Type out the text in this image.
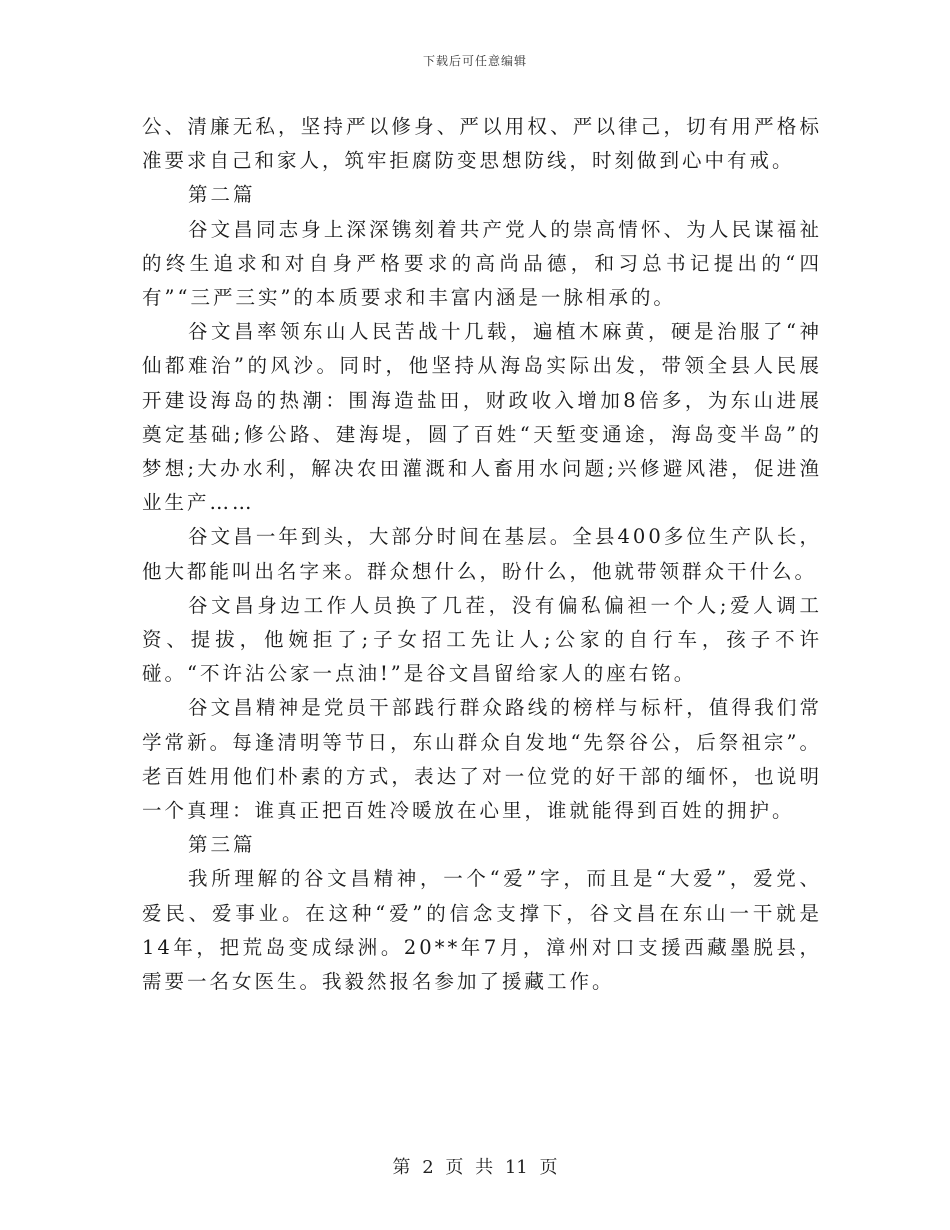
下载后可任意编辑

公、清廉无私，坚持严以修身、严以用权、严以律己，切有用严格标准要求自己和家人，筑牢拒腐防变思想防线，时刻做到心中有戒。

第二篇

谷文昌同志身上深深镌刻着共产党人的崇高情怀、为人民谋福祉的终生追求和对自身严格要求的高尚品德，和习总书记提出的“四有”“三严三实”的本质要求和丰富内涵是一脉相承的。

谷文昌率领东山人民苦战十几载，遍植木麻黄，硬是治服了“神仙都难治”的风沙。同时，他坚持从海岛实际出发，带领全县人民展开建设海岛的热潮：围海造盐田，财政收入增加8倍多，为东山进展奠定基础;修公路、建海堤，圆了百姓“天堑变通途，海岛变半岛”的梦想;大办水利，解决农田灌溉和人畜用水问题;兴修避风港，促进渔业生产……

谷文昌一年到头，大部分时间在基层。全县400多位生产队长，他大都能叫出名字来。群众想什么，盼什么，他就带领群众干什么。

谷文昌身边工作人员换了几茬，没有偏私偏袒一个人;爱人调工资、提拔，他婉拒了;子女招工先让人;公家的自行车，孩子不许碰。“不许沾公家一点油!”是谷文昌留给家人的座右铭。

谷文昌精神是党员干部践行群众路线的榜样与标杆，值得我们常学常新。每逢清明等节日，东山群众自发地“先祭谷公，后祭祖宗”。老百姓用他们朴素的方式，表达了对一位党的好干部的缅怀，也说明一个真理：谁真正把百姓冷暖放在心里，谁就能得到百姓的拥护。

第三篇

我所理解的谷文昌精神，一个“爱”字，而且是“大爱”，爱党、爱民、爱事业。在这种“爱”的信念支撑下，谷文昌在东山一干就是14年，把荒岛变成绿洲。20**年7月，漳州对口支援西藏墨脱县，需要一名女医生。我毅然报名参加了援藏工作。

第 2 页 共 11 页
